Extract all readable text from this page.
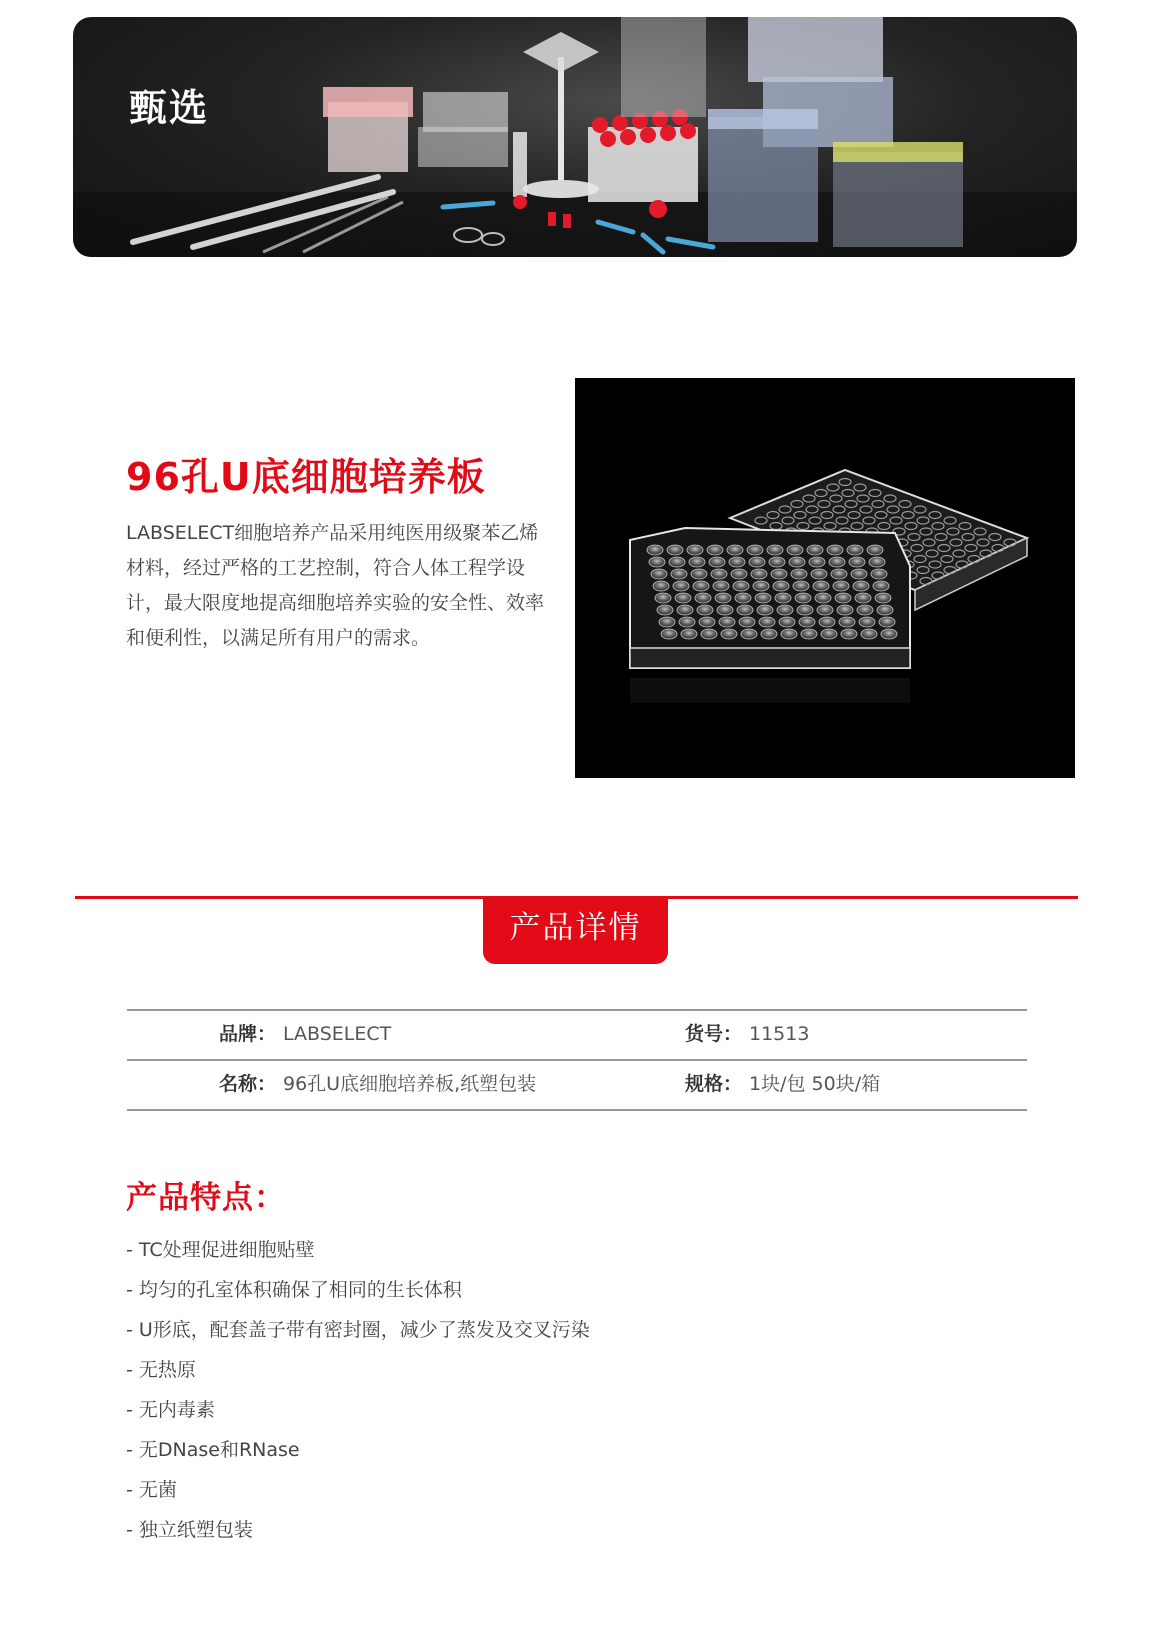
甄选
96孔U底细胞培养板

LABSELECT细胞培养产品采用纯医用级聚苯乙烯材料，经过严格的工艺控制，符合人体工程学设计，最大限度地提高细胞培养实验的安全性、效率和便利性，以满足所有用户的需求。

产品详情
品牌： LABSELECT	货号： 11513
名称： 96孔U底细胞培养板,纸塑包装	规格： 1块/包 50块/箱
产品特点：
- TC处理促进细胞贴壁
- 均匀的孔室体积确保了相同的生长体积
- U形底，配套盖子带有密封圈，减少了蒸发及交叉污染
- 无热原
- 无内毒素
- 无DNase和RNase
- 无菌
- 独立纸塑包装
